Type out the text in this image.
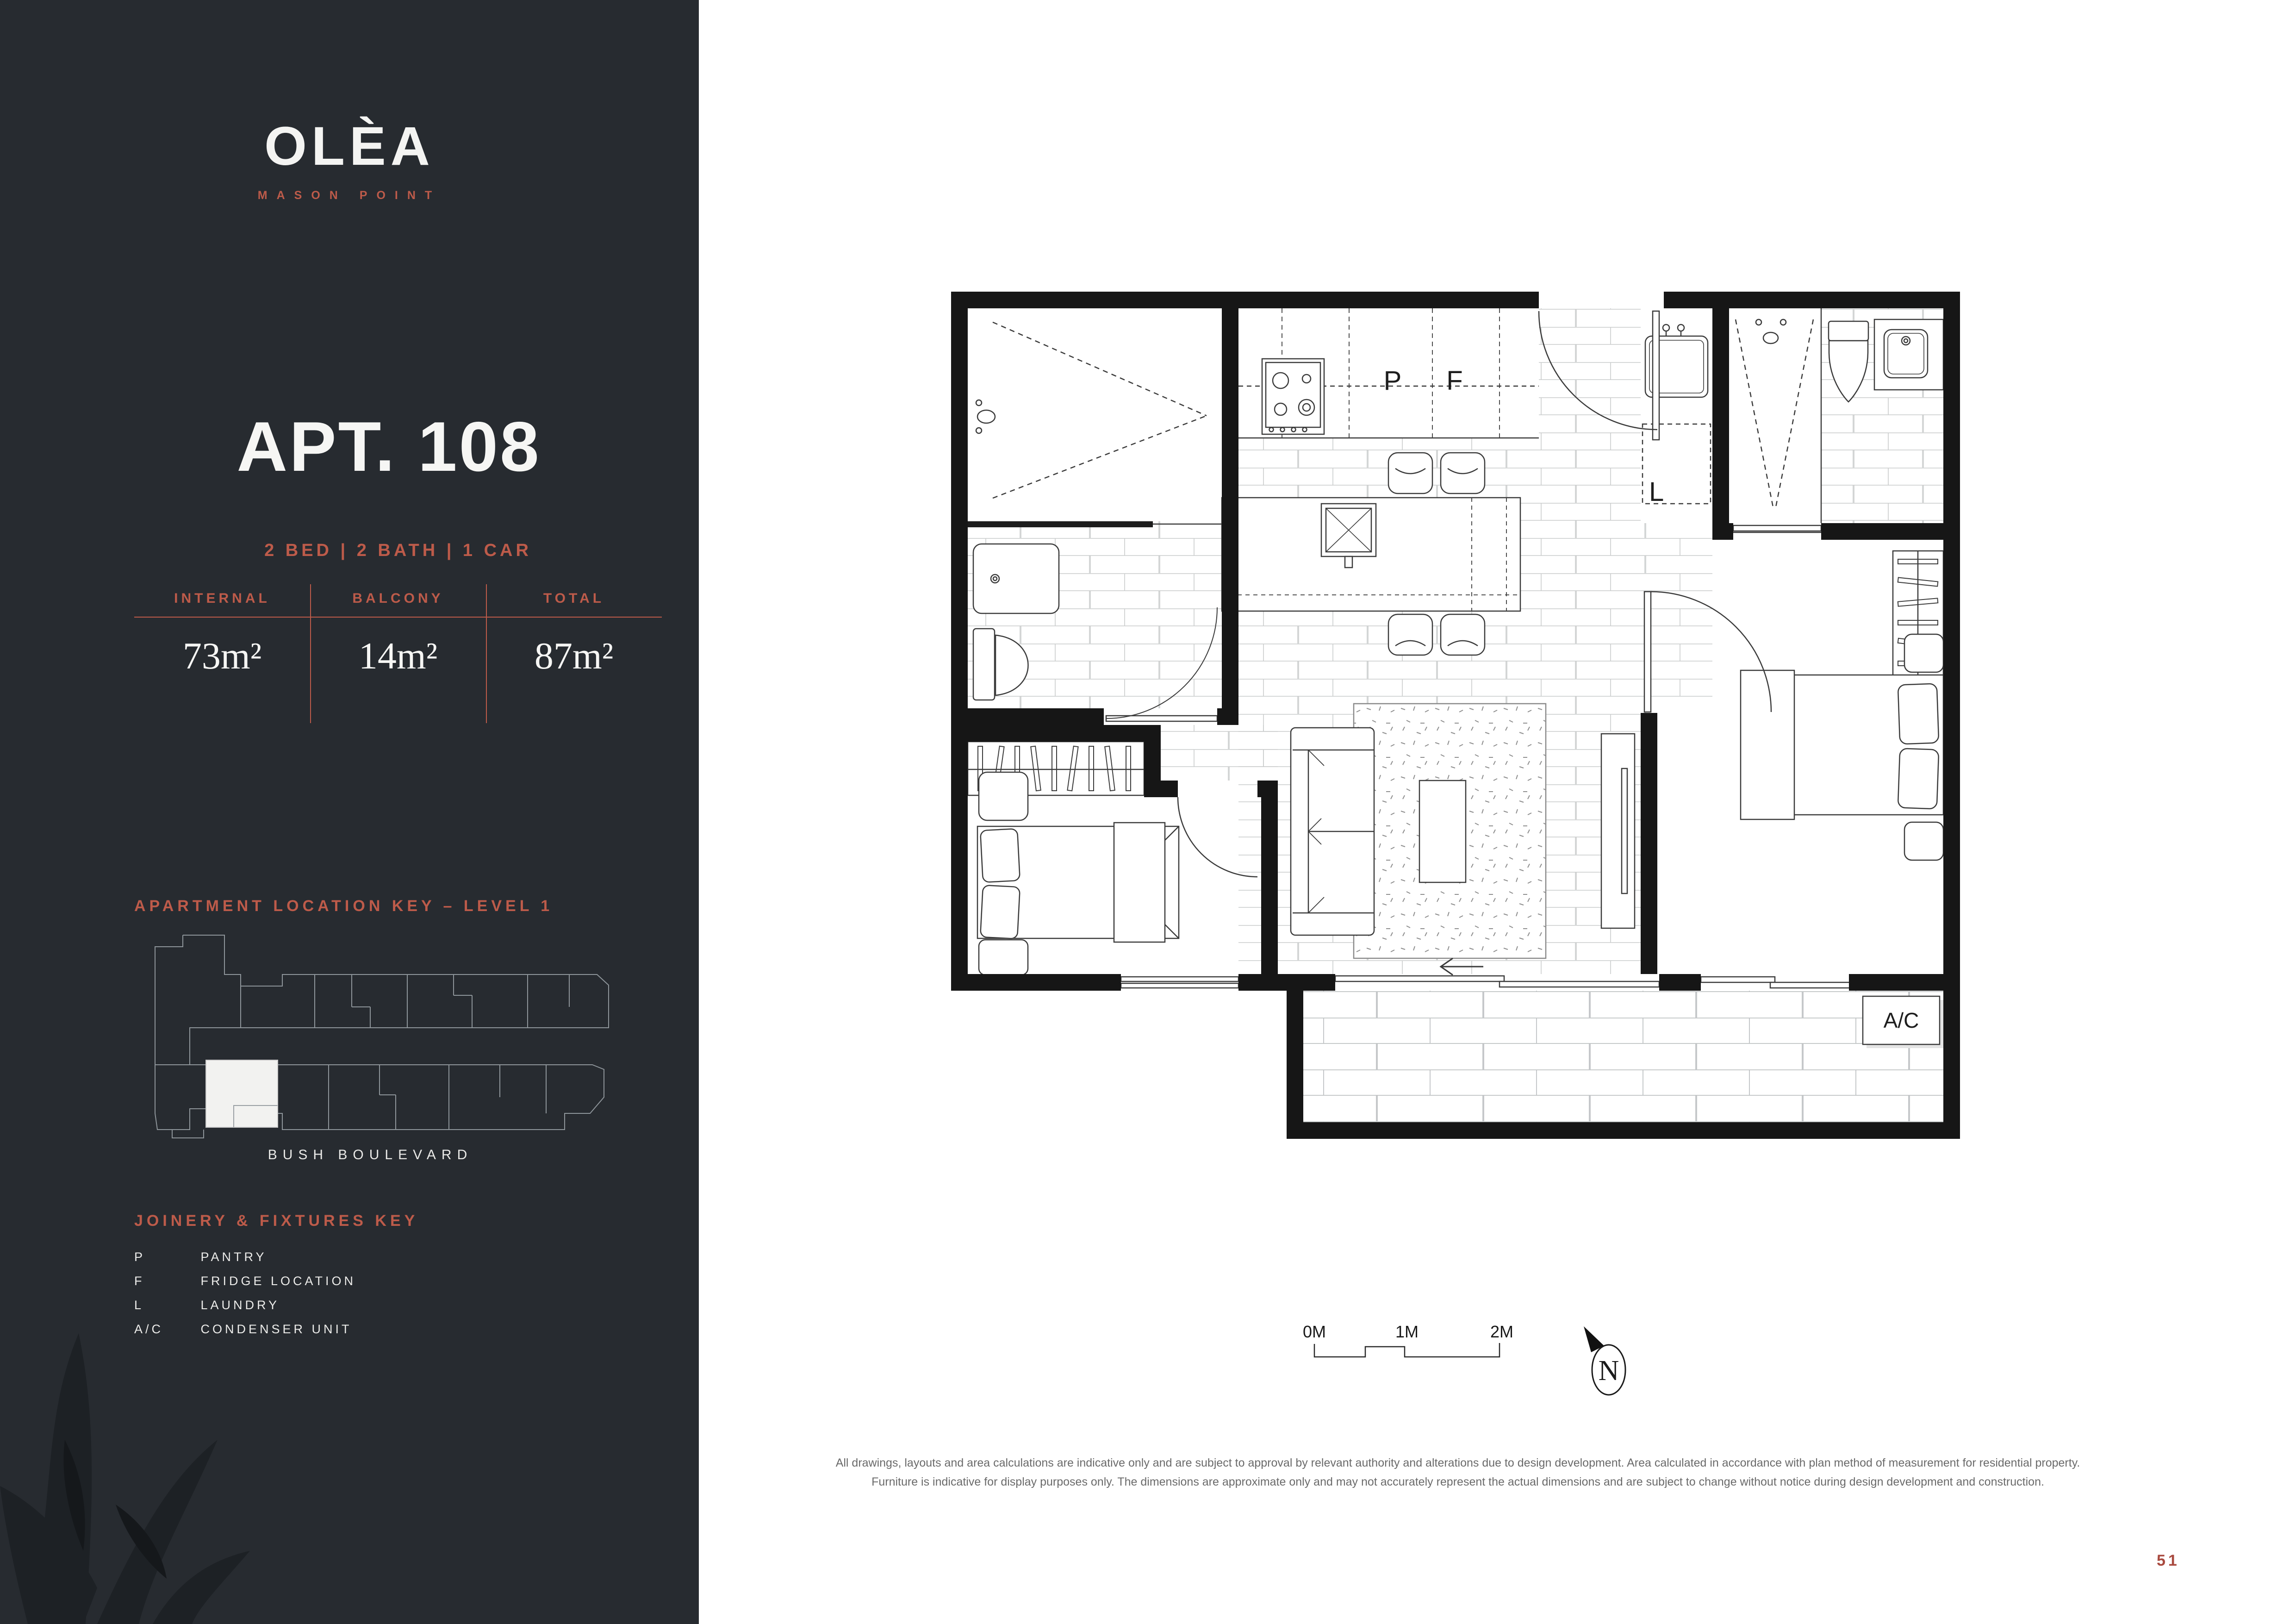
OLÈA
MASON POINT
APT. 108
2 BED | 2 BATH | 1 CAR
INTERNAL	BALCONY	TOTAL
73m²	14m²	87m²
APARTMENT LOCATION KEY – LEVEL 1
BUSH BOULEVARD
JOINERY & FIXTURES KEY
P	PANTRY
F	FRIDGE LOCATION
L	LAUNDRY
A/C	CONDENSER UNIT
P F
L
A/C
0M	1M	2M
N
All drawings, layouts and area calculations are indicative only and are subject to approval by relevant authority and alterations due to design development. Area calculated in accordance with plan method of measurement for residential property.
Furniture is indicative for display purposes only. The dimensions are approximate only and may not accurately represent the actual dimensions and are subject to change without notice during design development and construction.
51
